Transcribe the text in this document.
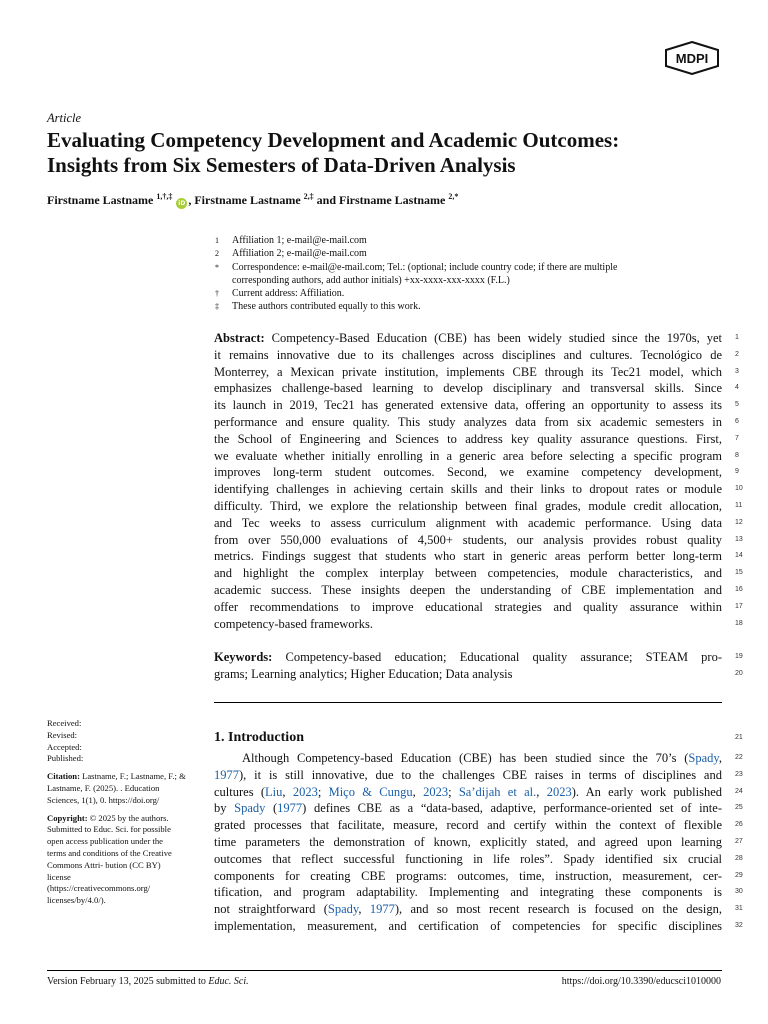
MDPI
Article
Evaluating Competency Development and Academic Outcomes:
Insights from Six Semesters of Data-Driven Analysis
Firstname Lastname $^{1,\dagger,\ddagger}$ iD , Firstname Lastname $^{2,\ddagger}$ and Firstname Lastname $^{2,*}$
1	Affiliation 1; e-mail@e-mail.com
2	Affiliation 2; e-mail@e-mail.com
*	Correspondence: e-mail@e-mail.com; Tel.: (optional; include country code; if there are multiple
corresponding authors, add author initials) +xx-xxxx-xxx-xxxx (F.L.)
†	Current address: Affiliation.
‡	These authors contributed equally to this work.
Abstract: Competency-Based Education (CBE) has been widely studied since the 1970s, yet
it remains innovative due to its challenges across disciplines and cultures. Tecnológico de
Monterrey, a Mexican private institution, implements CBE through its Tec21 model, which
emphasizes challenge-based learning to develop disciplinary and transversal skills. Since
its launch in 2019, Tec21 has generated extensive data, offering an opportunity to assess its
performance and ensure quality. This study analyzes data from six academic semesters in
the School of Engineering and Sciences to address key quality assurance questions. First,
we evaluate whether initially enrolling in a generic area before selecting a specific program
improves long-term student outcomes. Second, we examine competency development,
identifying challenges in achieving certain skills and their links to dropout rates or module
difficulty. Third, we explore the relationship between final grades, module credit allocation,
and Tec weeks to assess curriculum alignment with academic performance. Using data
from over 550,000 evaluations of 4,500+ students, our analysis provides robust quality
metrics. Findings suggest that students who start in generic areas perform better long-term
and highlight the complex interplay between competencies, module characteristics, and
academic success. These insights deepen the understanding of CBE implementation and
offer recommendations to improve educational strategies and quality assurance within
competency-based frameworks.
1
2
3
4
5
6
7
8
9
10
11
12
13
14
15
16
17
18
Keywords: Competency-based education; Educational quality assurance; STEAM pro-
grams; Learning analytics; Higher Education; Data analysis
19
20
1. Introduction	21
Although Competency-based Education (CBE) has been studied since the 70’s (Spady,
1977), it is still innovative, due to the challenges CBE raises in terms of disciplines and
cultures (Liu, 2023; Miço & Cungu, 2023; Sa’dijah et al., 2023). An early work published
by Spady (1977) defines CBE as a “data-based, adaptive, performance-oriented set of inte-
grated processes that facilitate, measure, record and certify within the context of flexible
time parameters the demonstration of known, explicitly stated, and agreed upon learning
outcomes that reflect successful functioning in life roles”. Spady identified six crucial
components for creating CBE programs: outcomes, time, instruction, measurement, cer-
tification, and program adaptability. Implementing and integrating these components is
not straightforward (Spady, 1977), and so most recent research is focused on the design,
implementation, measurement, and certification of competencies for specific disciplines
22
23
24
25
26
27
28
29
30
31
32
Received:
Revised:
Accepted:
Published:
Citation: Lastname, F.; Lastname, F.; &
Lastname, F. (2025). . Education
Sciences, 1(1), 0. https://doi.org/
Copyright: © 2025 by the authors.
Submitted to Educ. Sci. for possible
open access publication under the
terms and conditions of the Creative
Commons Attri- bution (CC BY)
license
(https://creativecommons.org/
licenses/by/4.0/).
Version February 13, 2025 submitted to Educ. Sci.	https://doi.org/10.3390/educsci1010000
